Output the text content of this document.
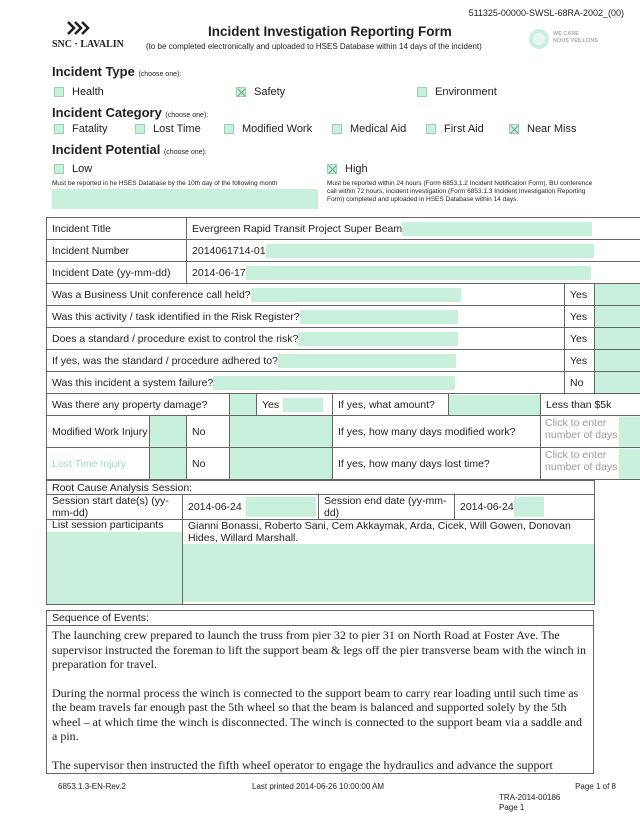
511325-00000-SWSL-68RA-2002_(00)
SNC · LAVALIN
Incident Investigation Reporting Form
(to be completed electronically and uploaded to HSES Database within 14 days of the incident)
WE CARE
NOUS VEILLONS
Incident Type (choose one):
Health	Safety	Environment
Incident Category (choose one):
Fatality	Lost Time	Modified Work	Medical Aid	First Aid	Near Miss
Incident Potential (choose one):
Low	High
Must be reported in he HSES Database by the 10th day of the following month	Must be reported within 24 hours (Form 6853.1.2 Incident Notification Form), BU conference call within 72 hours, incident investigation (Form 6853.1.3 Incident Investigation Reporting Form) completed and uploaded in HSES Database within 14 days.
Incident Title		Evergreen Rapid Transit Project Super Beam							
Incident Number		2014061714-01							
Incident Date (yy-mm-dd)		2014-06-17							
Was a Business Unit conference call held?								Yes	
Was this activity / task identified in the Risk Register?								Yes	
Does a standard / procedure exist to control the risk?								Yes	
If yes, was the standard / procedure adhered to?								Yes	
Was this incident a system failure?								No	
Was there any property damage?				Yes	If yes, what amount?		Less than $5k		
Modified Work Injury		No			If yes, how many days modified work?		Click to enter number of days		

Lost Time Injury		No			If yes, how many days lost time?		Click to enter number of days		
Root Cause Analysis Session:			
Session start date(s) (yy-mm-dd)	2014-06-24	Session end date (yy-mm-dd)	2014-06-24

List session participants	Gianni Bonassi, Roberto Sani, Cem Akkaymak, Arda, Cicek, Will Gowen, Donovan Hides, Willard Marshall.		
Sequence of Events:

The launching crew prepared to launch the truss from pier 32 to pier 31 on North Road at Foster Ave. The supervisor instructed the foreman to lift the support beam & legs off the pier transverse beam with the winch in preparation for travel.

During the normal process the winch is connected to the support beam to carry rear loading until such time as the beam travels far enough past the 5th wheel so that the beam is balanced and supported solely by the 5th wheel – at which time the winch is disconnected. The winch is connected to the support beam via a saddle and a pin.

The supervisor then instructed the fifth wheel operator to engage the hydraulics and advance the support

6853.1.3-EN-Rev.2	Last printed 2014-06-26 10:00:00 AM	Page 1 of 8
TRA-2014-00186
Page 1
